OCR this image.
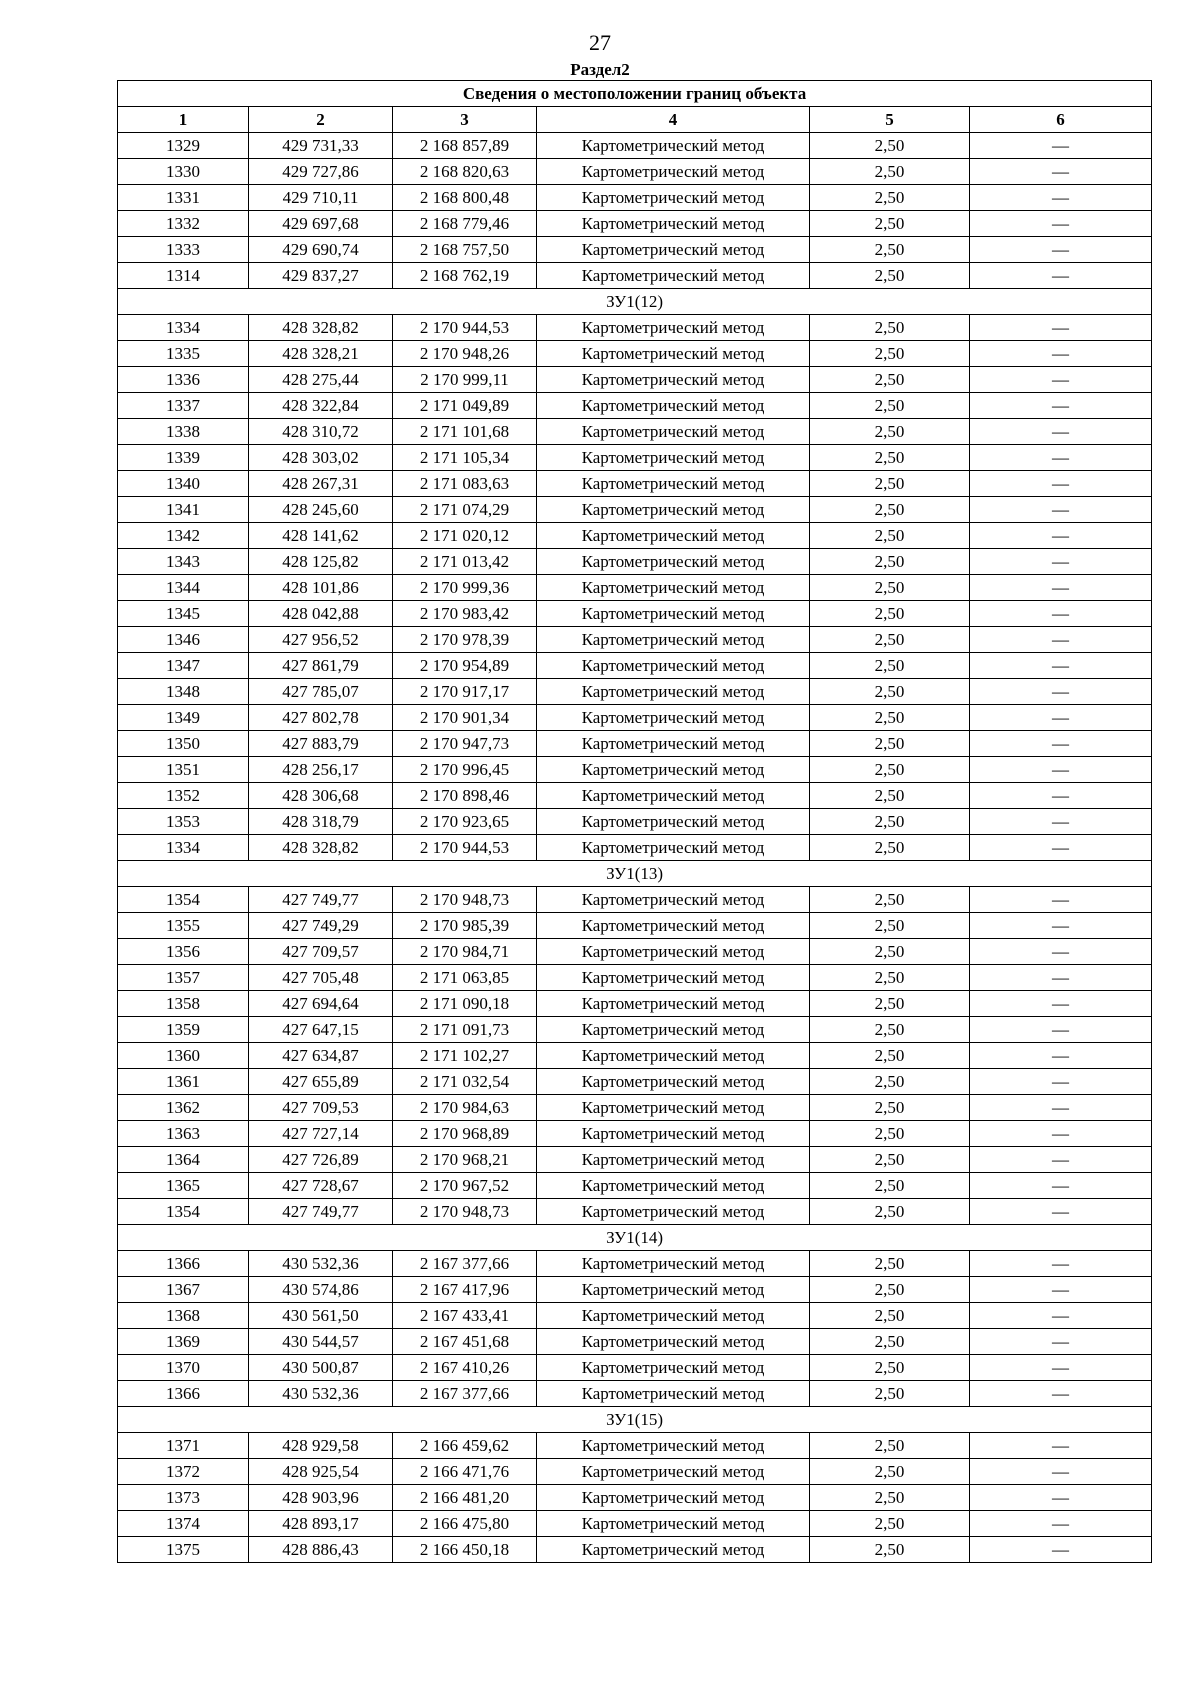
27
Раздел2
Сведения о местоположении границ объекта					
1	2	3	4	5	6
1329	429 731,33	2 168 857,89	Картометрический метод	2,50	—
1330	429 727,86	2 168 820,63	Картометрический метод	2,50	—
1331	429 710,11	2 168 800,48	Картометрический метод	2,50	—
1332	429 697,68	2 168 779,46	Картометрический метод	2,50	—
1333	429 690,74	2 168 757,50	Картометрический метод	2,50	—
1314	429 837,27	2 168 762,19	Картометрический метод	2,50	—
ЗУ1(12)					
1334	428 328,82	2 170 944,53	Картометрический метод	2,50	—
1335	428 328,21	2 170 948,26	Картометрический метод	2,50	—
1336	428 275,44	2 170 999,11	Картометрический метод	2,50	—
1337	428 322,84	2 171 049,89	Картометрический метод	2,50	—
1338	428 310,72	2 171 101,68	Картометрический метод	2,50	—
1339	428 303,02	2 171 105,34	Картометрический метод	2,50	—
1340	428 267,31	2 171 083,63	Картометрический метод	2,50	—
1341	428 245,60	2 171 074,29	Картометрический метод	2,50	—
1342	428 141,62	2 171 020,12	Картометрический метод	2,50	—
1343	428 125,82	2 171 013,42	Картометрический метод	2,50	—
1344	428 101,86	2 170 999,36	Картометрический метод	2,50	—
1345	428 042,88	2 170 983,42	Картометрический метод	2,50	—
1346	427 956,52	2 170 978,39	Картометрический метод	2,50	—
1347	427 861,79	2 170 954,89	Картометрический метод	2,50	—
1348	427 785,07	2 170 917,17	Картометрический метод	2,50	—
1349	427 802,78	2 170 901,34	Картометрический метод	2,50	—
1350	427 883,79	2 170 947,73	Картометрический метод	2,50	—
1351	428 256,17	2 170 996,45	Картометрический метод	2,50	—
1352	428 306,68	2 170 898,46	Картометрический метод	2,50	—
1353	428 318,79	2 170 923,65	Картометрический метод	2,50	—
1334	428 328,82	2 170 944,53	Картометрический метод	2,50	—
ЗУ1(13)					
1354	427 749,77	2 170 948,73	Картометрический метод	2,50	—
1355	427 749,29	2 170 985,39	Картометрический метод	2,50	—
1356	427 709,57	2 170 984,71	Картометрический метод	2,50	—
1357	427 705,48	2 171 063,85	Картометрический метод	2,50	—
1358	427 694,64	2 171 090,18	Картометрический метод	2,50	—
1359	427 647,15	2 171 091,73	Картометрический метод	2,50	—
1360	427 634,87	2 171 102,27	Картометрический метод	2,50	—
1361	427 655,89	2 171 032,54	Картометрический метод	2,50	—
1362	427 709,53	2 170 984,63	Картометрический метод	2,50	—
1363	427 727,14	2 170 968,89	Картометрический метод	2,50	—
1364	427 726,89	2 170 968,21	Картометрический метод	2,50	—
1365	427 728,67	2 170 967,52	Картометрический метод	2,50	—
1354	427 749,77	2 170 948,73	Картометрический метод	2,50	—
ЗУ1(14)					
1366	430 532,36	2 167 377,66	Картометрический метод	2,50	—
1367	430 574,86	2 167 417,96	Картометрический метод	2,50	—
1368	430 561,50	2 167 433,41	Картометрический метод	2,50	—
1369	430 544,57	2 167 451,68	Картометрический метод	2,50	—
1370	430 500,87	2 167 410,26	Картометрический метод	2,50	—
1366	430 532,36	2 167 377,66	Картометрический метод	2,50	—
ЗУ1(15)					
1371	428 929,58	2 166 459,62	Картометрический метод	2,50	—
1372	428 925,54	2 166 471,76	Картометрический метод	2,50	—
1373	428 903,96	2 166 481,20	Картометрический метод	2,50	—
1374	428 893,17	2 166 475,80	Картометрический метод	2,50	—
1375	428 886,43	2 166 450,18	Картометрический метод	2,50	—
